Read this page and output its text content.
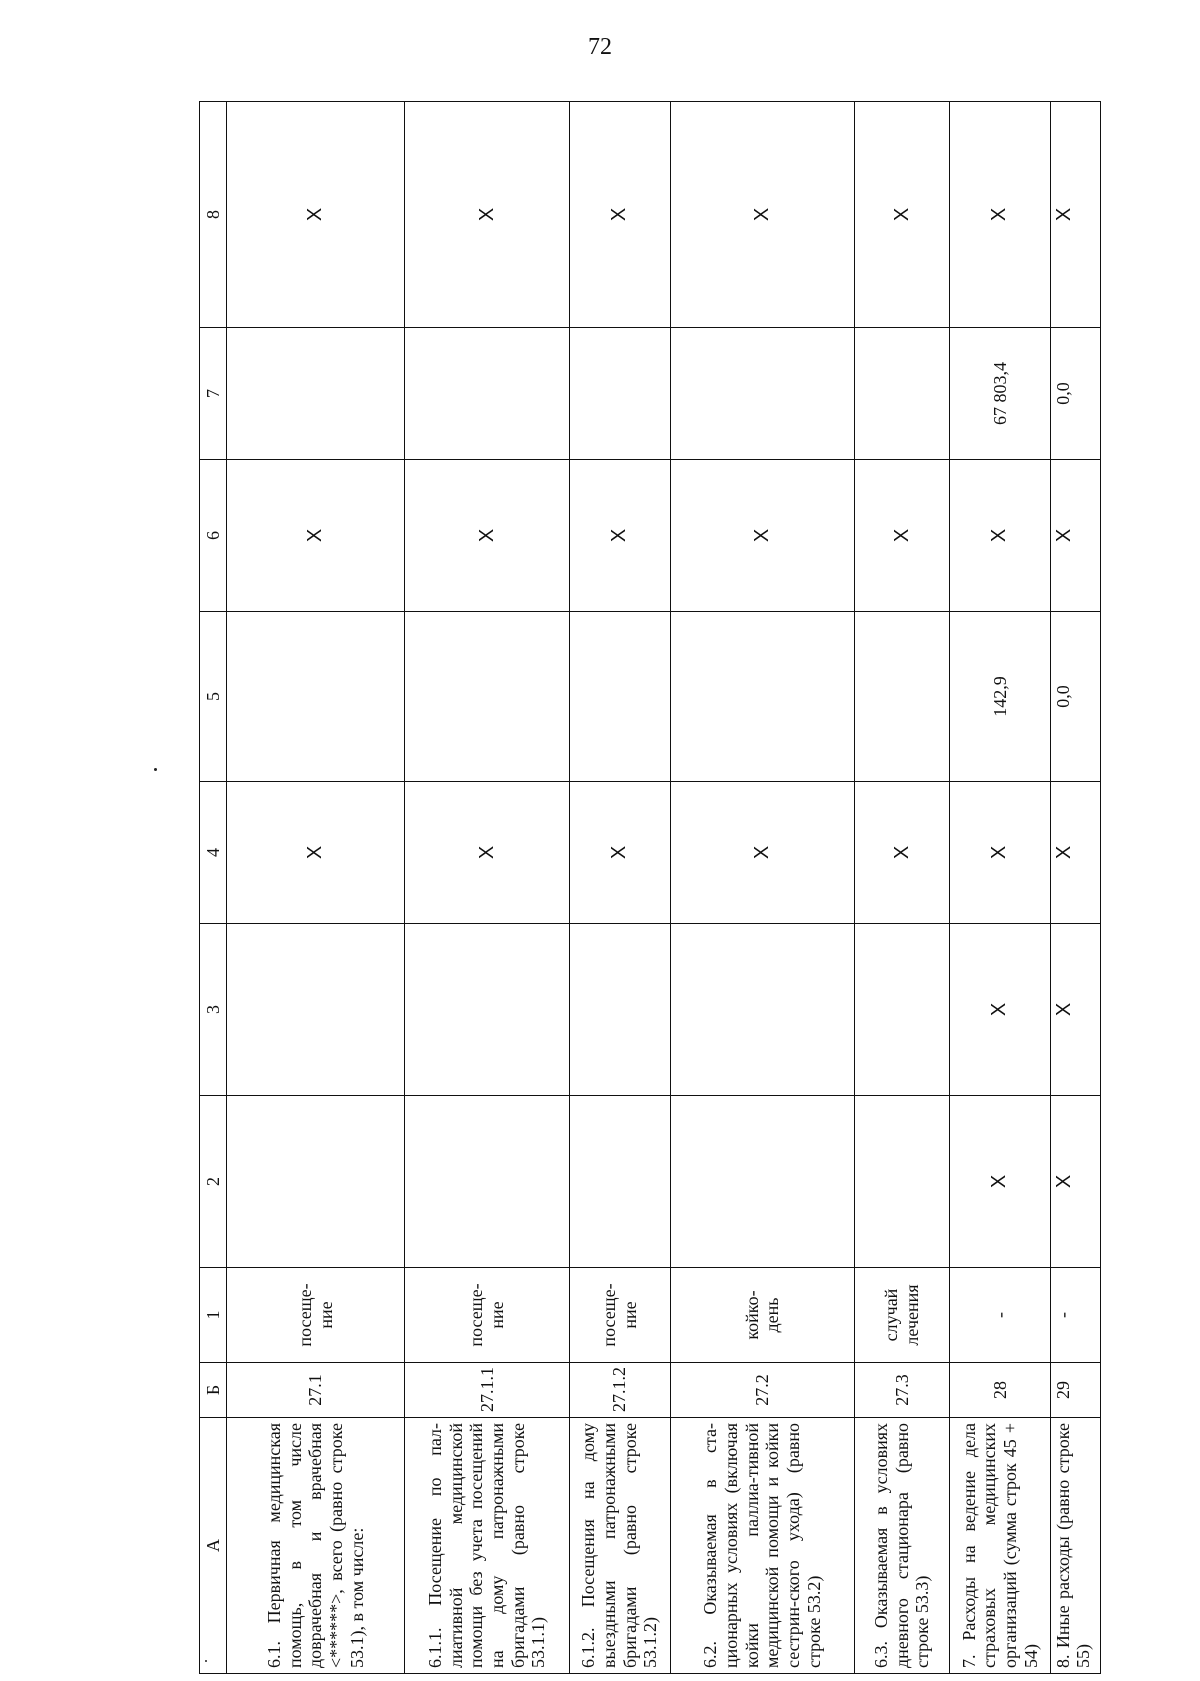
72
А	Б	1	2	3	4	5	6	7	8
6.1. Первичная медицинская помощь, в том числе доврачебная и врачебная <******>, всего (равно строке 53.1), в том числе:	27.1	посеще-ние			X		X		X
6.1.1. Посещение по пал-лиативной медицинской помощи без учета посещений на дому патронажными бригадами (равно строке 53.1.1)	27.1.1	посеще-ние			X		X		X
6.1.2. Посещения на дому выездными патронажными бригадами (равно строке 53.1.2)	27.1.2	посеще-ние			X		X		X
6.2. Оказываемая в ста-ционарных условиях (включая койки паллиа-тивной медицинской помощи и койки сестрин-ского ухода) (равно строке 53.2)	27.2	койко-день			X		X		X
6.3. Оказываемая в условиях дневного стационара (равно строке 53.3)	27.3	случай лечения			X		X		X
7. Расходы на ведение дела страховых медицинских организаций (сумма строк 45 + 54)	28	-	X	X	X	142,9	X	67 803,4	X
8. Иные расходы (равно строке 55)	29	-	X	X	X	0,0	X	0,0	X
